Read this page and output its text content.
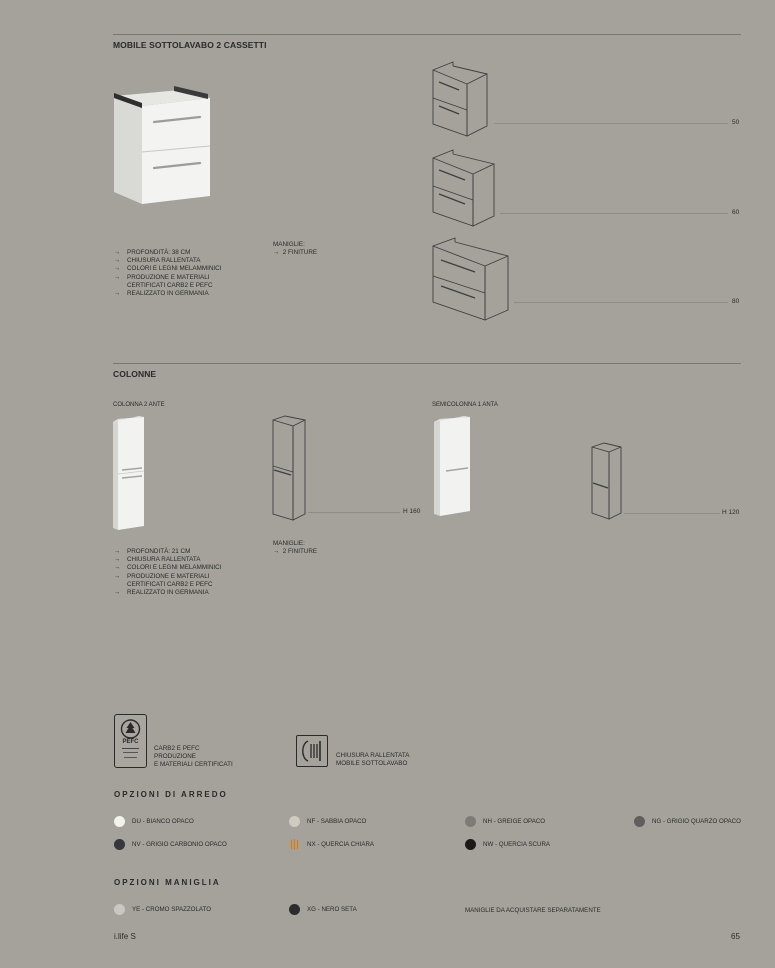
MOBILE SOTTOLAVABO 2 CASSETTI
50
60
80
→ PROFONDITÀ: 38 CM
→ CHIUSURA RALLENTATA
→ COLORI E LEGNI MELAMMINICI
→ PRODUZIONE E MATERIALI
CERTIFICATI CARB2 E PEFC
→ REALIZZATO IN GERMANIA
MANIGLIE:
→ 2 FINITURE
COLONNE
COLONNA 2 ANTE	SEMICOLONNA 1 ANTA
H 160	H 120
→ PROFONDITÀ: 21 CM
→ CHIUSURA RALLENTATA
→ COLORI E LEGNI MELAMMINICI
→ PRODUZIONE E MATERIALI
CERTIFICATI CARB2 E PEFC
→ REALIZZATO IN GERMANIA
MANIGLIE:
→ 2 FINITURE
PEFC
CARB2 E PEFC
PRODUZIONE
E MATERIALI CERTIFICATI
CHIUSURA RALLENTATA
MOBILE SOTTOLAVABO
OPZIONI DI ARREDO
DU - BIANCO OPACO	NF - SABBIA OPACO	NH - GREIGE OPACO	NG - GRIGIO QUARZO OPACO
NV - GRIGIO CARBONIO OPACO	NX - QUERCIA CHIARA	NW - QUERCIA SCURA
OPZIONI MANIGLIA
YE - CROMO SPAZZOLATO	XG - NERO SETA	MANIGLIE DA ACQUISTARE SEPARATAMENTE
i.life S	65
